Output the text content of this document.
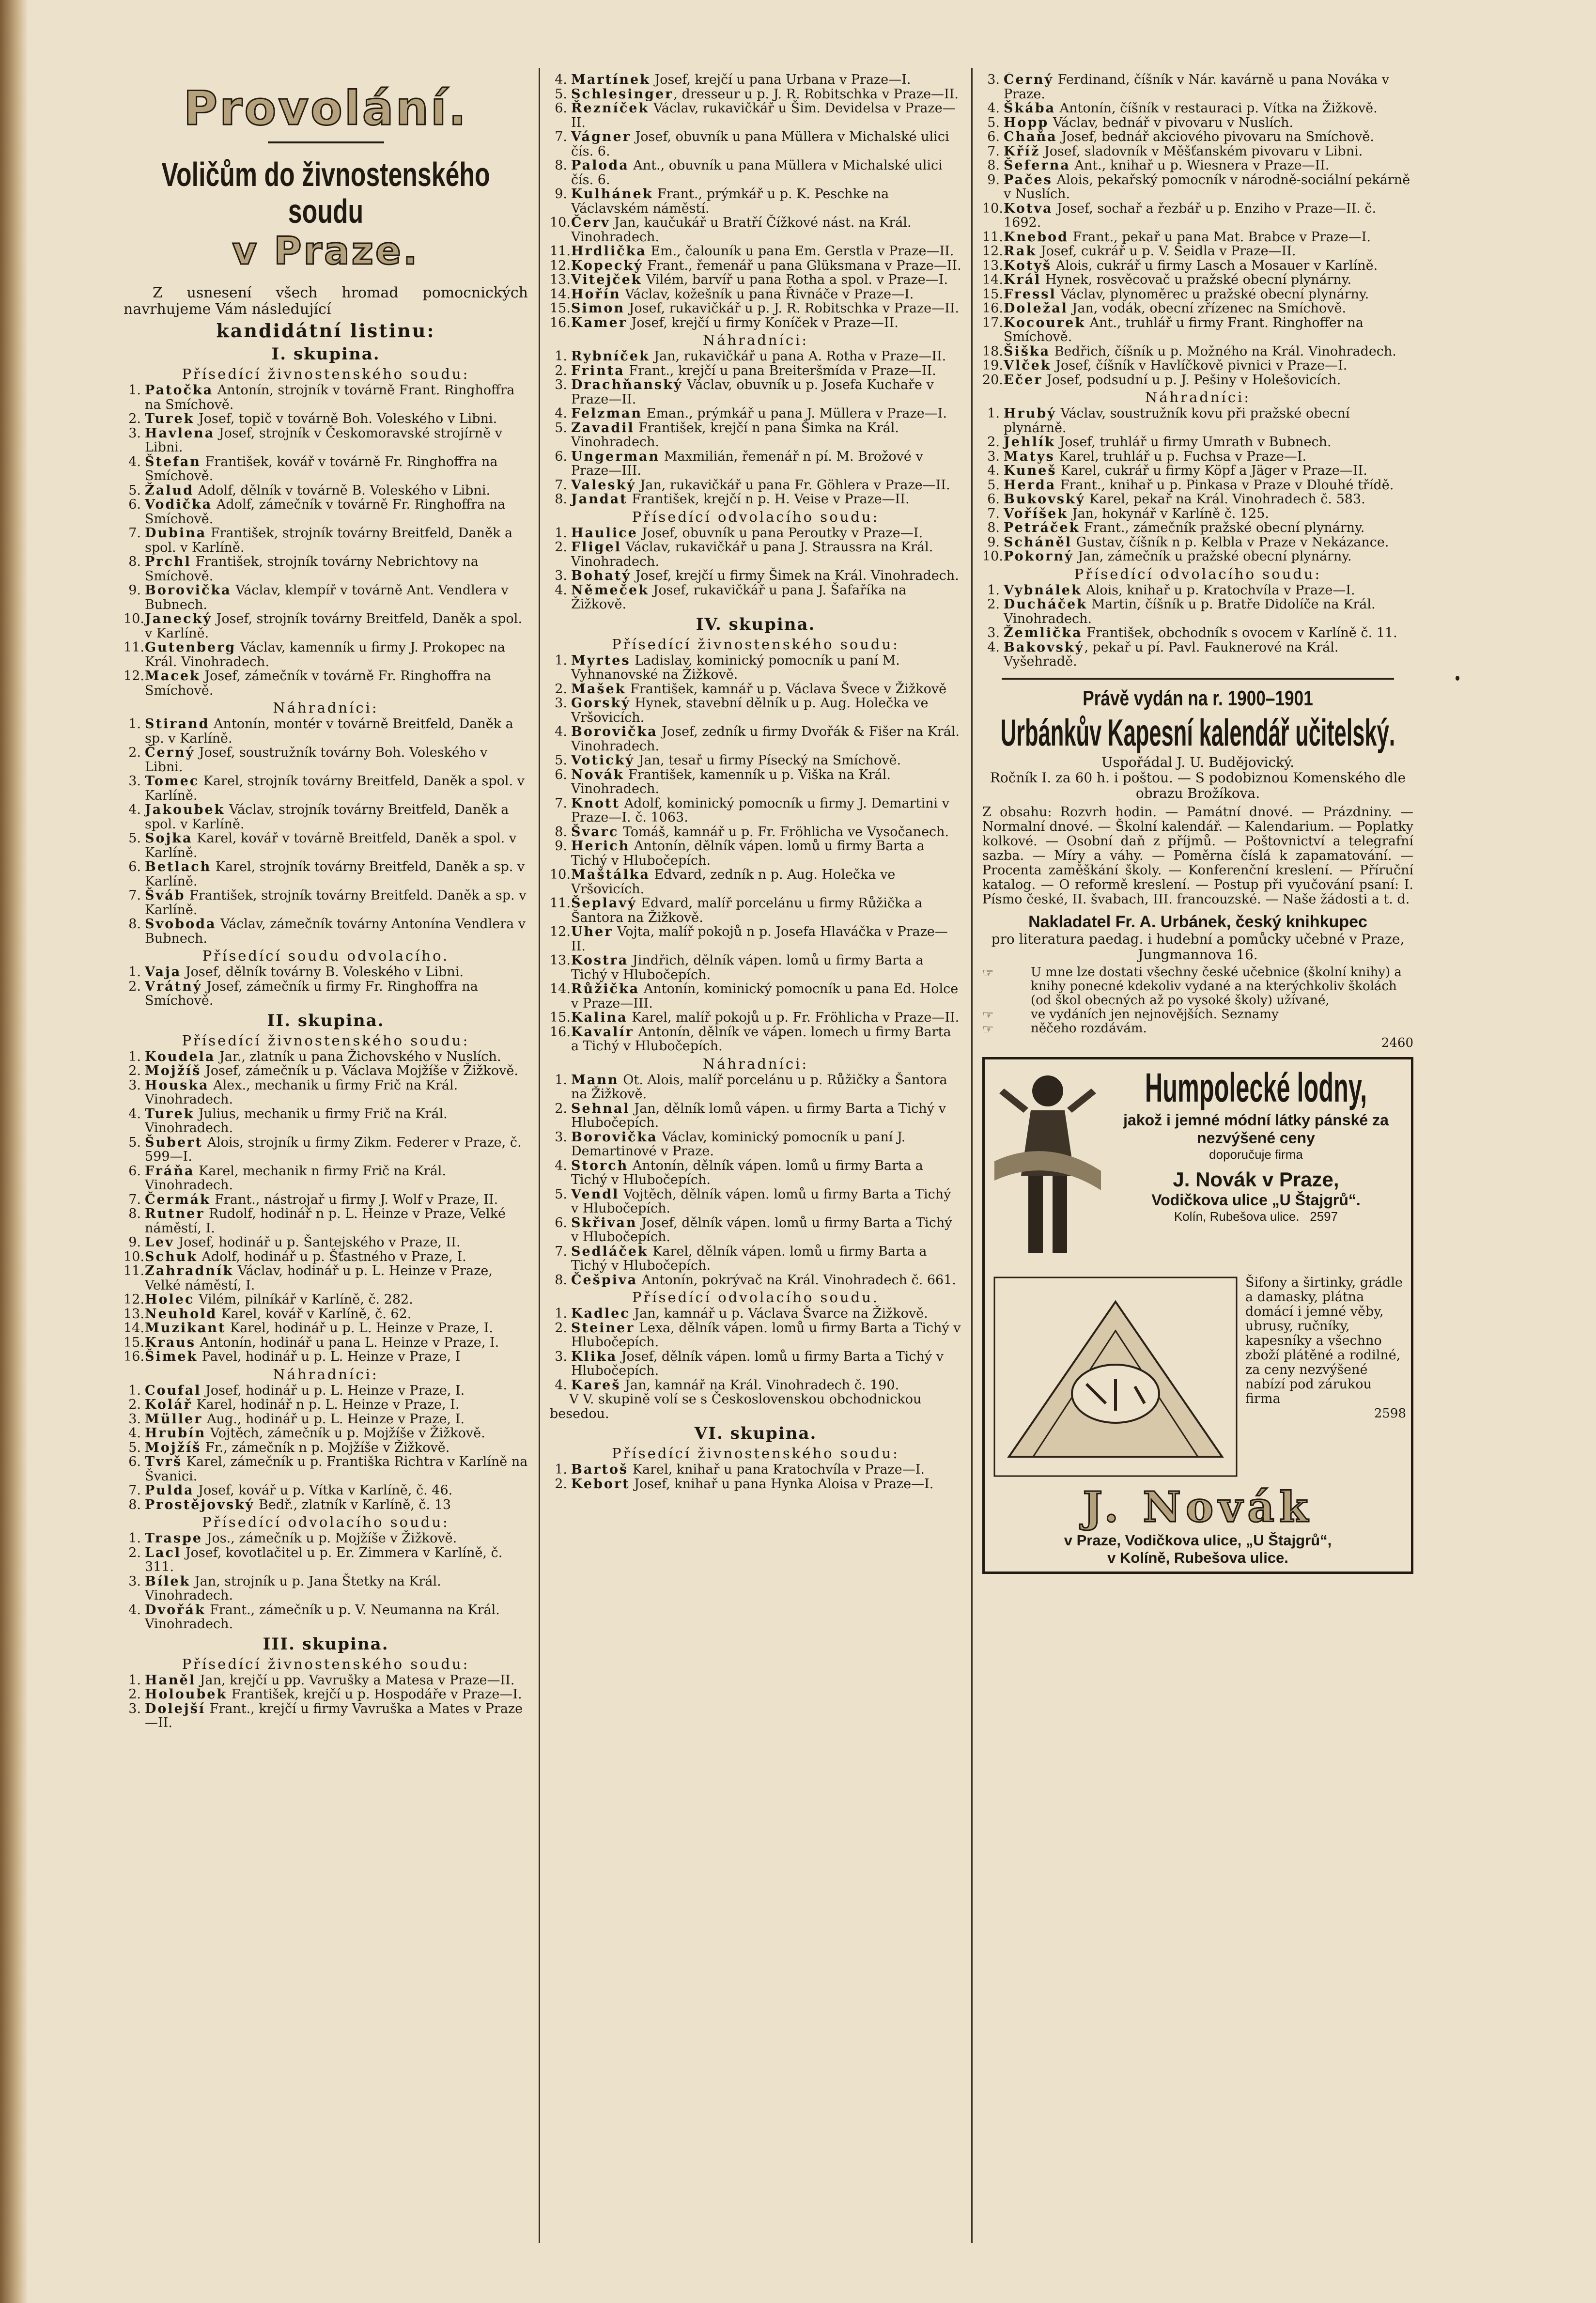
Provolání.
Voličům do živnostenského soudu
v Praze.

Z usnesení všech hromad pomocnických navrhujeme Vám následující

kandidátní listinu:
I. skupina.
Přísedící živnostenského soudu:
1. Patočka Antonín, strojník v továrně Frant. Ringhoffra na Smíchově.
2. Turek Josef, topič v továrně Boh. Voleského v Libni.
3. Havlena Josef, strojník v Českomoravské strojírně v Libni.
4. Štefan František, kovář v továrně Fr. Ringhoffra na Smíchově.
5. Žalud Adolf, dělník v továrně B. Voleského v Libni.
6. Vodička Adolf, zámečník v továrně Fr. Ringhoffra na Smíchově.
7. Dubina František, strojník továrny Breitfeld, Daněk a spol. v Karlíně.
8. Prchl František, strojník továrny Nebrichtovy na Smíchově.
9. Borovička Václav, klempíř v továrně Ant. Vendlera v Bubnech.
10.Janecký Josef, strojník továrny Breitfeld, Daněk a spol. v Karlíně.
11.Gutenberg Václav, kamenník u firmy J. Prokopec na Král. Vinohradech.
12.Macek Josef, zámečník v továrně Fr. Ringhoffra na Smíchově.
Náhradníci:
1. Stirand Antonín, montér v továrně Breitfeld, Daněk a sp. v Karlíně.
2. Černý Josef, soustružník továrny Boh. Voleského v Libni.
3. Tomec Karel, strojník továrny Breitfeld, Daněk a spol. v Karlíně.
4. Jakoubek Václav, strojník továrny Breitfeld, Daněk a spol. v Karlíně.
5. Sojka Karel, kovář v továrně Breitfeld, Daněk a spol. v Karlíně.
6. Betlach Karel, strojník továrny Breitfeld, Daněk a sp. v Karlíně.
7. Šváb František, strojník továrny Breitfeld. Daněk a sp. v Karlíně.
8. Svoboda Václav, zámečník továrny Antonína Vendlera v Bubnech.
Přísedící soudu odvolacího.
1. Vaja Josef, dělník továrny B. Voleského v Libni.
2. Vrátný Josef, zámečník u firmy Fr. Ringhoffra na Smíchově.
II. skupina.
Přísedící živnostenského soudu:
1. Koudela Jar., zlatník u pana Žichovského v Nuslích.
2. Mojžíš Josef, zámečník u p. Václava Mojžíše v Žižkově.
3. Houska Alex., mechanik u firmy Frič na Král. Vinohradech.
4. Turek Julius, mechanik u firmy Frič na Král. Vinohradech.
5. Šubert Alois, strojník u firmy Zikm. Federer v Praze, č. 599—I.
6. Fráňa Karel, mechanik n firmy Frič na Král. Vinohradech.
7. Čermák Frant., nástrojař u firmy J. Wolf v Praze, II.
8. Rutner Rudolf, hodinář n p. L. Heinze v Praze, Velké náměstí, I.
9. Lev Josef, hodinář u p. Šantejského v Praze, II.
10.Schuk Adolf, hodinář u p. Šťastného v Praze, I.
11.Zahradník Václav, hodinář u p. L. Heinze v Praze, Velké náměstí, I.
12.Holec Vilém, pilníkář v Karlíně, č. 282.
13.Neuhold Karel, kovář v Karlíně, č. 62.
14.Muzikant Karel, hodinář u p. L. Heinze v Praze, I.
15.Kraus Antonín, hodinář u pana L. Heinze v Praze, I.
16.Šimek Pavel, hodinář u p. L. Heinze v Praze, I
Náhradníci:
1. Coufal Josef, hodinář u p. L. Heinze v Praze, I.
2. Kolář Karel, hodinář n p. L. Heinze v Praze, I.
3. Müller Aug., hodinář u p. L. Heinze v Praze, I.
4. Hrubín Vojtěch, zámečník u p. Mojžíše v Žižkově.
5. Mojžíš Fr., zámečník n p. Mojžíše v Žižkově.
6. Tvrš Karel, zámečník u p. Františka Richtra v Karlíně na Švanici.
7. Pulda Josef, kovář u p. Vítka v Karlíně, č. 46.
8. Prostějovský Bedř., zlatník v Karlíně, č. 13
Přísedící odvolacího soudu:
1. Traspe Jos., zámečník u p. Mojžíše v Žižkově.
2. Lacl Josef, kovotlačitel u p. Er. Zimmera v Karlíně, č. 311.
3. Bílek Jan, strojník u p. Jana Štetky na Král. Vinohradech.
4. Dvořák Frant., zámečník u p. V. Neumanna na Král. Vinohradech.
III. skupina.
Přísedící živnostenského soudu:
1. Haněl Jan, krejčí u pp. Vavrušky a Matesa v Praze—II.
2. Holoubek František, krejčí u p. Hospodáře v Praze—I.
3. Dolejší Frant., krejčí u firmy Vavruška a Mates v Praze—II.
4. Martínek Josef, krejčí u pana Urbana v Praze—I.
5. Schlesinger, dresseur u p. J. R. Robitschka v Praze—II.
6. Řezníček Václav, rukavičkář u Šim. Devidelsa v Praze—II.
7. Vágner Josef, obuvník u pana Müllera v Michalské ulici čís. 6.
8. Paloda Ant., obuvník u pana Müllera v Michalské ulici čís. 6.
9. Kulhánek Frant., prýmkář u p. K. Peschke na Václavském náměstí.
10.Červ Jan, kaučukář u Bratří Čížkové nást. na Král. Vinohradech.
11.Hrdlička Em., čalouník u pana Em. Gerstla v Praze—II.
12.Kopecký Frant., řemenář u pana Glüksmana v Praze—II.
13.Vitejček Vilém, barvíř u pana Rotha a spol. v Praze—I.
14.Hořín Václav, kožešník u pana Řivnáče v Praze—I.
15.Simon Josef, rukavičkář u p. J. R. Robitschka v Praze—II.
16.Kamer Josef, krejčí u firmy Koníček v Praze—II.
Náhradníci:
1. Rybníček Jan, rukavičkář u pana A. Rotha v Praze—II.
2. Frinta Frant., krejčí u pana Breiteršmída v Praze—II.
3. Drachňanský Václav, obuvník u p. Josefa Kuchaře v Praze—II.
4. Felzman Eman., prýmkář u pana J. Müllera v Praze—I.
5. Zavadil František, krejčí n pana Šimka na Král. Vinohradech.
6. Ungerman Maxmilián, řemenář n pí. M. Brožové v Praze—III.
7. Valeský Jan, rukavičkář u pana Fr. Göhlera v Praze—II.
8. Jandat František, krejčí n p. H. Veise v Praze—II.
Přísedící odvolacího soudu:
1. Haulice Josef, obuvník u pana Peroutky v Praze—I.
2. Fligel Václav, rukavičkář u pana J. Straussra na Král. Vinohradech.
3. Bohatý Josef, krejčí u firmy Šimek na Král. Vinohradech.
4. Němeček Josef, rukavičkář u pana J. Šafaříka na Žižkově.
IV. skupina.
Přísedící živnostenského soudu:
1. Myrtes Ladislav, kominický pomocník u paní M. Vyhnanovské na Žižkově.
2. Mašek František, kamnář u p. Václava Švece v Žižkově
3. Gorský Hynek, stavební dělník u p. Aug. Holečka ve Vršovicích.
4. Borovička Josef, zedník u firmy Dvořák & Fišer na Král. Vinohradech.
5. Votický Jan, tesař u firmy Písecký na Smíchově.
6. Novák František, kamenník u p. Viška na Král. Vinohradech.
7. Knott Adolf, kominický pomocník u firmy J. Demartini v Praze—I. č. 1063.
8. Švarc Tomáš, kamnář u p. Fr. Fröhlicha ve Vysočanech.
9. Herich Antonín, dělník vápen. lomů u firmy Barta a Tichý v Hlubočepích.
10.Maštálka Edvard, zedník n p. Aug. Holečka ve Vršovicích.
11.Šeplavý Edvard, malíř porcelánu u firmy Růžička a Šantora na Žižkově.
12.Uher Vojta, malíř pokojů n p. Josefa Hlaváčka v Praze—II.
13.Kostra Jindřich, dělník vápen. lomů u firmy Barta a Tichý v Hlubočepích.
14.Růžička Antonín, kominický pomocník u pana Ed. Holce v Praze—III.
15.Kalina Karel, malíř pokojů u p. Fr. Fröhlicha v Praze—II.
16.Kavalír Antonín, dělník ve vápen. lomech u firmy Barta a Tichý v Hlubočepích.
Náhradníci:
1. Mann Ot. Alois, malíř porcelánu u p. Růžičky a Šantora na Žižkově.
2. Sehnal Jan, dělník lomů vápen. u firmy Barta a Tichý v Hlubočepích.
3. Borovička Václav, kominický pomocník u paní J. Demartinové v Praze.
4. Storch Antonín, dělník vápen. lomů u firmy Barta a Tichý v Hlubočepích.
5. Vendl Vojtěch, dělník vápen. lomů u firmy Barta a Tichý v Hlubočepích.
6. Skřivan Josef, dělník vápen. lomů u firmy Barta a Tichý v Hlubočepích.
7. Sedláček Karel, dělník vápen. lomů u firmy Barta a Tichý v Hlubočepích.
8. Češpiva Antonín, pokrývač na Král. Vinohradech č. 661.
Přísedící odvolacího soudu.
1. Kadlec Jan, kamnář u p. Václava Švarce na Žižkově.
2. Steiner Lexa, dělník vápen. lomů u firmy Barta a Tichý v Hlubočepích.
3. Klika Josef, dělník vápen. lomů u firmy Barta a Tichý v Hlubočepích.
4. Kareš Jan, kamnář na Král. Vinohradech č. 190.

V V. skupině volí se s Československou obchodnickou besedou.

VI. skupina.
Přísedící živnostenského soudu:
1. Bartoš Karel, knihař u pana Kratochvíla v Praze—I.
2. Kebort Josef, knihař u pana Hynka Aloisa v Praze—I.
3. Černý Ferdinand, číšník v Nár. kavárně u pana Nováka v Praze.
4. Škába Antonín, číšník v restauraci p. Vítka na Žižkově.
5. Hopp Václav, bednář v pivovaru v Nuslích.
6. Chaňa Josef, bednář akciového pivovaru na Smíchově.
7. Kříž Josef, sladovník v Měšťanském pivovaru v Libni.
8. Šeferna Ant., knihař u p. Wiesnera v Praze—II.
9. Pačes Alois, pekařský pomocník v národně-sociální pekárně v Nuslích.
10.Kotva Josef, sochař a řezbář u p. Enziho v Praze—II. č. 1692.
11.Knebod Frant., pekař u pana Mat. Brabce v Praze—I.
12.Rak Josef, cukrář u p. V. Seidla v Praze—II.
13.Kotyš Alois, cukrář u firmy Lasch a Mosauer v Karlíně.
14.Král Hynek, rosvěcovač u pražské obecní plynárny.
15.Fressl Václav, plynoměrec u pražské obecní plynárny.
16.Doležal Jan, vodák, obecní zřízenec na Smíchově.
17.Kocourek Ant., truhlář u firmy Frant. Ringhoffer na Smíchově.
18.Šiška Bedřich, číšník u p. Možného na Král. Vinohradech.
19.Vlček Josef, číšník v Havlíčkově pivnici v Praze—I.
20.Ečer Josef, podsudní u p. J. Pešiny v Holešovicích.
Náhradníci:
1. Hrubý Václav, soustružník kovu při pražské obecní plynárně.
2. Jehlík Josef, truhlář u firmy Umrath v Bubnech.
3. Matys Karel, truhlář u p. Fuchsa v Praze—I.
4. Kuneš Karel, cukrář u firmy Köpf a Jäger v Praze—II.
5. Herda Frant., knihař u p. Pinkasa v Praze v Dlouhé třídě.
6. Bukovský Karel, pekař na Král. Vinohradech č. 583.
7. Voříšek Jan, hokynář v Karlíně č. 125.
8. Petráček Frant., zámečník pražské obecní plynárny.
9. Scháněl Gustav, číšník n p. Kelbla v Praze v Nekázance.
10.Pokorný Jan, zámečník u pražské obecní plynárny.
Přísedící odvolacího soudu:
1. Vybnálek Alois, knihař u p. Kratochvíla v Praze—I.
2. Ducháček Martin, číšník u p. Bratře Didolíče na Král. Vinohradech.
3. Žemlička František, obchodník s ovocem v Karlíně č. 11.
4. Bakovský, pekař u pí. Pavl. Fauknerové na Král. Vyšehradě.
Právě vydán na r. 1900–1901
Urbánkův Kapesní kalendář učitelský.
Uspořádal J. U. Budějovický.
Ročník I. za 60 h. i poštou. — S podobiznou Komenského dle obrazu Brožíkova.
Z obsahu: Rozvrh hodin. — Památní dnové. — Prázdniny. — Normalní dnové. — Školní kalendář. — Kalendarium. — Poplatky kolkové. — Osobní daň z příjmů. — Poštovnictví a telegrafní sazba. — Míry a váhy. — Poměrna číslá k zapamatování. — Procenta zaměškání školy. — Konferenční kreslení. — Příruční katalog. — O reformě kreslení. — Postup při vyučování psaní: I. Písmo české, II. švabach, III. francouzské. — Naše žádosti a t. d.
Nakladatel Fr. A. Urbánek, český knihkupec
pro literatura paedag. i hudební a pomůcky učebné v Praze, Jungmannova 16.
☞	U mne lze dostati všechny české učebnice (školní knihy) a knihy ponecné kdekoliv vydané a na kterýchkoliv školách (od škol obecných až po vysoké školy) užívané,
☞	ve vydáních jen nejnovějších. Seznamy
☞	něčeho rozdávám.
2460
Humpolecké lodny,

jakož i jemné módní látky pánské za nezvýšené ceny

doporučuje firma

J. Novák v Praze,

Vodičkova ulice „U Štajgrů“.

Kolín, Rubešova ulice. 2597

Šifony a širtinky, grádle a damasky, plátna domácí i jemné věby, ubrusy, ručníky, kapesníky a všechno zboží plátěné a rodilné, za ceny nezvýšené nabízí pod zárukou firma
2598
J. Novák
v Praze, Vodičkova ulice, „U Štajgrů“,
v Kolíně, Rubešova ulice.
